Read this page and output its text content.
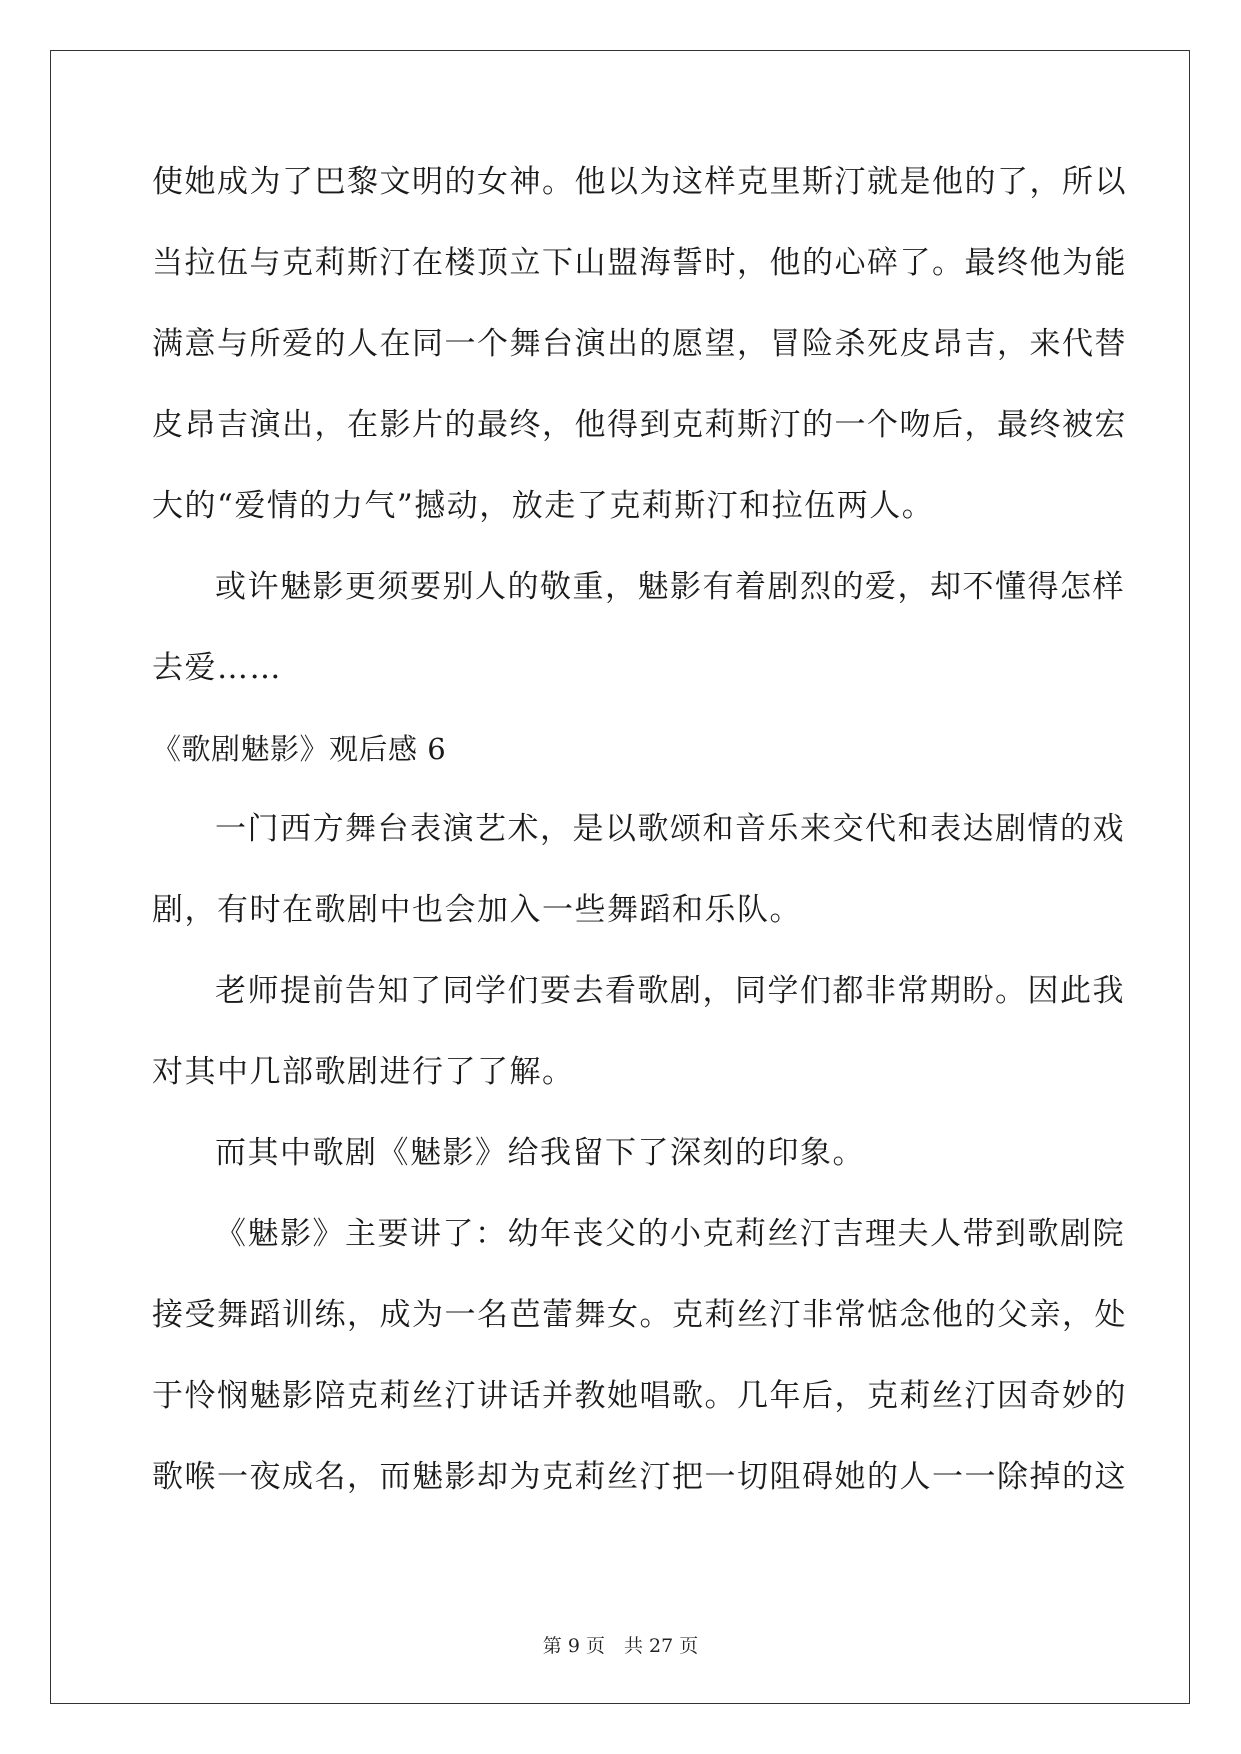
使她成为了巴黎文明的女神。他以为这样克里斯汀就是他的了，所以
当拉伍与克莉斯汀在楼顶立下山盟海誓时，他的心碎了。最终他为能
满意与所爱的人在同一个舞台演出的愿望，冒险杀死皮昂吉，来代替
皮昂吉演出，在影片的最终，他得到克莉斯汀的一个吻后，最终被宏
大的“爱情的力气”撼动，放走了克莉斯汀和拉伍两人。
或许魅影更须要别人的敬重，魅影有着剧烈的爱，却不懂得怎样
去爱……
《歌剧魅影》观后感 6
一门西方舞台表演艺术，是以歌颂和音乐来交代和表达剧情的戏
剧，有时在歌剧中也会加入一些舞蹈和乐队。
老师提前告知了同学们要去看歌剧，同学们都非常期盼。因此我
对其中几部歌剧进行了了解。
而其中歌剧《魅影》给我留下了深刻的印象。
《魅影》主要讲了：幼年丧父的小克莉丝汀吉理夫人带到歌剧院
接受舞蹈训练，成为一名芭蕾舞女。克莉丝汀非常惦念他的父亲，处
于怜悯魅影陪克莉丝汀讲话并教她唱歌。几年后，克莉丝汀因奇妙的
歌喉一夜成名，而魅影却为克莉丝汀把一切阻碍她的人一一除掉的这
第 9 页　共 27 页
